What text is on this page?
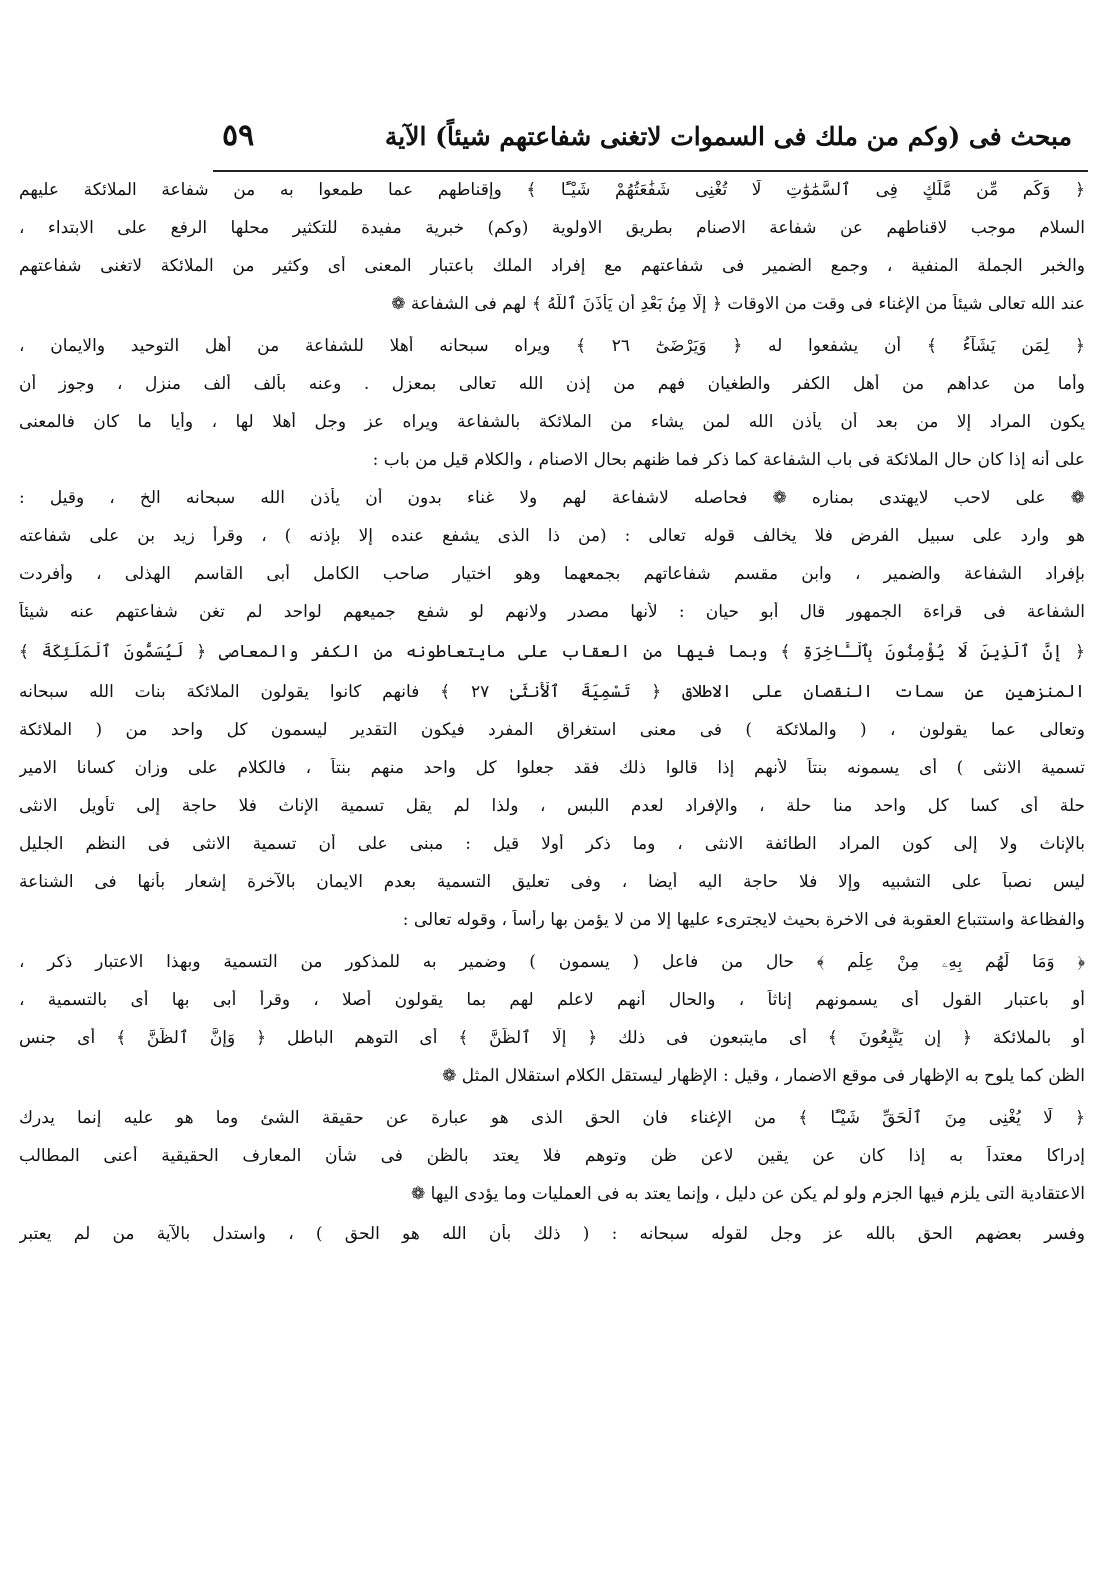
مبحث فى (وكم من ملك فى السموات لاتغنى شفاعتهم شيئاً) الآية
٥٩
﴿ وَكَم مِّن مَّلَكٍ فِى ٱلسَّمَٰوَٰتِ لَا تُغْنِى شَفَٰعَتُهُمْ شَيْـًٔا ﴾ وإقناطهم عما طمعوا به من شفاعة الملائكة عليهم
السلام موجب لاقناطهم عن شفاعة الاصنام بطريق الاولوية (وكم) خبرية مفيدة للتكثير محلها الرفع على الابتداء ،
والخبر الجملة المنفية ، وجمع الضمير فى شفاعتهم مع إفراد الملك باعتبار المعنى أى وكثير من الملائكة لاتغنى شفاعتهم
عند الله تعالى شيئاً من الإغناء فى وقت من الاوقات ﴿ إِلَّا مِنۢ بَعْدِ أَن يَأْذَنَ ٱللَّهُ ﴾ لهم فى الشفاعة ❁
﴿ لِمَن يَشَآءُ ﴾ أن يشفعوا له ﴿ وَيَرْضَىٰٓ ٢٦ ﴾ ويراه سبحانه أهلا للشفاعة من أهل التوحيد والايمان ،
وأما من عداهم من أهل الكفر والطغيان فهم من إذن الله تعالى بمعزل . وعنه بألف ألف منزل ، وجوز أن
يكون المراد إلا من بعد أن يأذن الله لمن يشاء من الملائكة بالشفاعة ويراه عز وجل أهلا لها ، وأيا ما كان فالمعنى
على أنه إذا كان حال الملائكة فى باب الشفاعة كما ذكر فما ظنهم بحال الاصنام ، والكلام قيل من باب :
❁ على لاحب لايهتدى بمناره ❁ فحاصله لاشفاعة لهم ولا غناء بدون أن يأذن الله سبحانه الخ ، وقيل :
هو وارد على سبيل الفرض فلا يخالف قوله تعالى : (من ذا الذى يشفع عنده إلا بإذنه ) ، وقرأ زيد بن على شفاعته
بإفراد الشفاعة والضمير ، وابن مقسم شفاعاتهم بجمعهما وهو اختيار صاحب الكامل أبى القاسم الهذلى ، وأفردت
الشفاعة فى قراءة الجمهور قال أبو حيان : لأنها مصدر ولانهم لو شفع جميعهم لواحد لم تغن شفاعتهم عنه شيئاً
﴿ إِنَّ ٱلَّذِينَ لَا يُؤْمِنُونَ بِٱلْـَٔاخِرَةِ ﴾ وبما فيها من العقاب على مايتعاطونه من الكفر والمعاصى ﴿ لَيُسَمُّونَ ٱلْمَلَٰٓئِكَةَ ﴾
المنزهين عن سمات النقصان على الاطلاق ﴿ تَسْمِيَةَ ٱلْأُنثَىٰ ٢٧ ﴾ فانهم كانوا يقولون الملائكة بنات الله سبحانه
وتعالى عما يقولون ، ( والملائكة ) فى معنى استغراق المفرد فيكون التقدير ليسمون كل واحد من ( الملائكة
تسمية الانثى ) أى يسمونه بنتاً لأنهم إذا قالوا ذلك فقد جعلوا كل واحد منهم بنتاً ، فالكلام على وزان كسانا الامير
حلة أى كسا كل واحد منا حلة ، والإفراد لعدم اللبس ، ولذا لم يقل تسمية الإناث فلا حاجة إلى تأويل الانثى
بالإناث ولا إلى كون المراد الطائفة الانثى ، وما ذكر أولا قيل : مبنى على أن تسمية الانثى فى النظم الجليل
ليس نصباً على التشبيه وإلا فلا حاجة اليه أيضا ، وفى تعليق التسمية بعدم الايمان بالآخرة إشعار بأنها فى الشناعة
والفظاعة واستتباع العقوبة فى الاخرة بحيث لايجترىء عليها إلا من لا يؤمن بها رأساً ، وقوله تعالى :
﴿ وَمَا لَهُم بِهِۦ مِنْ عِلْمٍ ﴾ حال من فاعل ( يسمون ) وضمير به للمذكور من التسمية وبهذا الاعتبار ذكر ،
أو باعتبار القول أى يسمونهم إناثاً ، والحال أنهم لاعلم لهم بما يقولون أصلا ، وقرأ أبى بها أى بالتسمية ،
أو بالملائكة ﴿ إِن يَتَّبِعُونَ ﴾ أى مايتبعون فى ذلك ﴿ إِلَّا ٱلظَّنَّ ﴾ أى التوهم الباطل ﴿ وَإِنَّ ٱلظَّنَّ ﴾ أى جنس
الظن كما يلوح به الإظهار فى موقع الاضمار ، وقيل : الإظهار ليستقل الكلام استقلال المثل ❁
﴿ لَا يُغْنِى مِنَ ٱلْحَقِّ شَيْـًٔا ﴾ من الإغناء فان الحق الذى هو عبارة عن حقيقة الشئ وما هو عليه إنما يدرك
إدراكا معتداً به إذا كان عن يقين لاعن ظن وتوهم فلا يعتد بالظن فى شأن المعارف الحقيقية أعنى المطالب
الاعتقادية التى يلزم فيها الجزم ولو لم يكن عن دليل ، وإنما يعتد به فى العمليات وما يؤدى اليها ❁
وفسر بعضهم الحق بالله عز وجل لقوله سبحانه : ( ذلك بأن الله هو الحق ) ، واستدل بالآية من لم يعتبر
